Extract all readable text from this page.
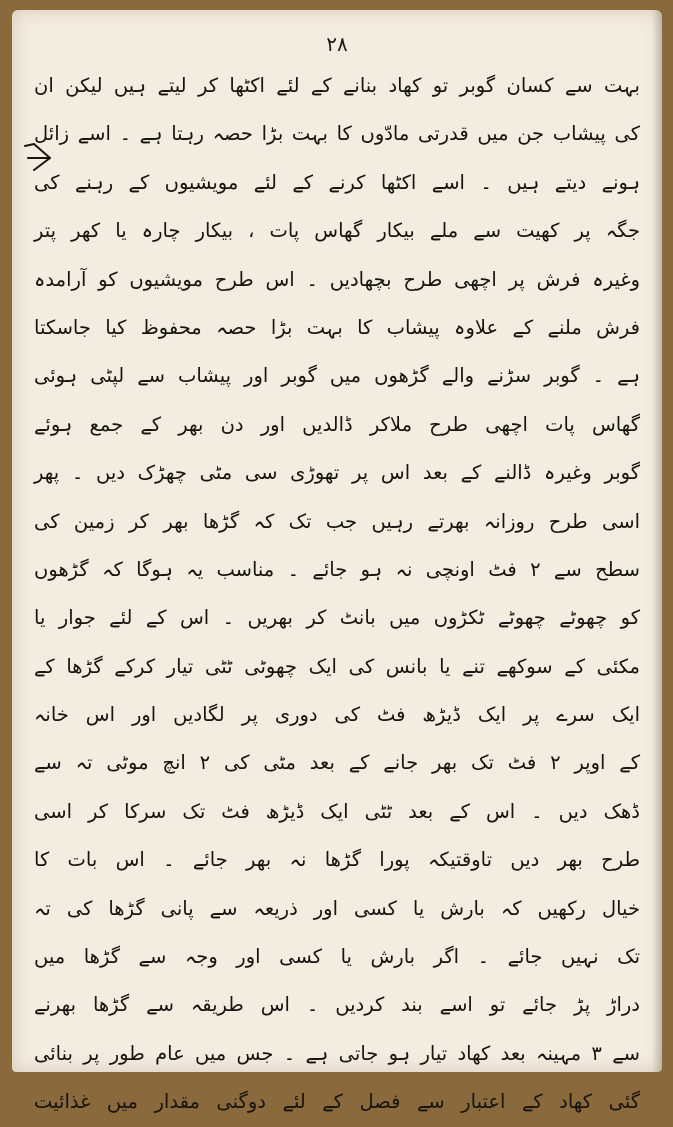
۲۸
بہت سے کسان گوبر تو کھاد بنانے کے لئے اکٹھا کر لیتے ہیں لیکن ان
کی پیشاب جن میں قدرتی مادّوں کا بہت بڑا حصہ رہتا ہے ۔ اسے زائل
ہونے دیتے ہیں ۔ اسے اکٹھا کرنے کے لئے مویشیوں کے رہنے کی
جگہ پر کھیت سے ملے بیکار گھاس پات ، بیکار چارہ یا کھر پتر
وغیرہ فرش پر اچھی طرح بچھادیں ۔ اس طرح مویشیوں کو آرامدہ
فرش ملنے کے علاوہ پیشاب کا بہت بڑا حصہ محفوظ کیا جاسکتا
ہے ۔ گوبر سڑنے والے گڑھوں میں گوبر اور پیشاب سے لپٹی ہوئی
گھاس پات اچھی طرح ملاکر ڈالدیں اور دن بھر کے جمع ہوئے
گوبر وغیرہ ڈالنے کے بعد اس پر تھوڑی سی مٹی چھڑک دیں ۔ پھر
اسی طرح روزانہ بھرتے رہیں جب تک کہ گڑھا بھر کر زمین کی
سطح سے ۲ فٹ اونچی نہ ہو جائے ۔ مناسب یہ ہوگا کہ گڑھوں
کو چھوٹے چھوٹے ٹکڑوں میں بانٹ کر بھریں ۔ اس کے لئے جوار یا
مکئی کے سوکھے تنے یا بانس کی ایک چھوٹی ٹٹی تیار کرکے گڑھا کے
ایک سرے پر ایک ڈیڑھ فٹ کی دوری پر لگادیں اور اس خانہ
کے اوپر ۲ فٹ تک بھر جانے کے بعد مٹی کی ۲ انچ موٹی تہ سے
ڈھک دیں ۔ اس کے بعد ٹٹی ایک ڈیڑھ فٹ تک سرکا کر اسی
طرح بھر دیں تاوقتیکہ پورا گڑھا نہ بھر جائے ۔ اس بات کا
خیال رکھیں کہ بارش یا کسی اور ذریعہ سے پانی گڑھا کی تہ
تک نہیں جائے ۔ اگر بارش یا کسی اور وجہ سے گڑھا میں
دراڑ پڑ جائے تو اسے بند کردیں ۔ اس طریقہ سے گڑھا بھرنے
سے ۳ مہینہ بعد کھاد تیار ہو جاتی ہے ۔ جس میں عام طور پر بنائی
گئی کھاد کے اعتبار سے فصل کے لئے دوگنی مقدار میں غذائیت
